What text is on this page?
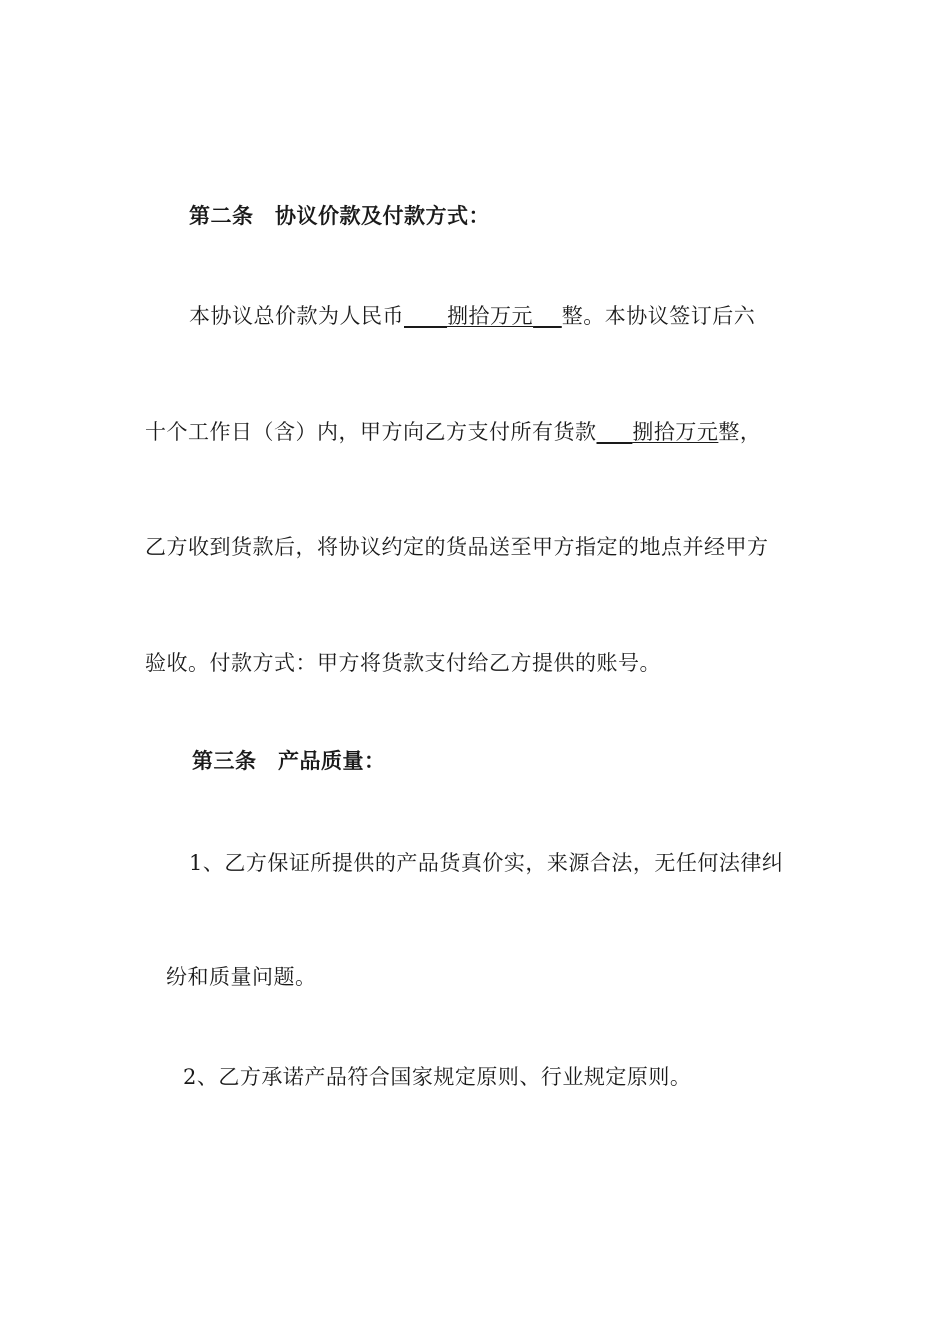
第二条　协议价款及付款方式：
本协议总价款为人民币 捌拾万元 整。本协议签订后六
十个工作日（含）内，甲方向乙方支付所有货款 捌拾万元整，
乙方收到货款后，将协议约定的货品送至甲方指定的地点并经甲方
验收。付款方式：甲方将货款支付给乙方提供的账号。
第三条　产品质量：
1、乙方保证所提供的产品货真价实，来源合法，无任何法律纠
纷和质量问题。
2、乙方承诺产品符合国家规定原则、行业规定原则。
